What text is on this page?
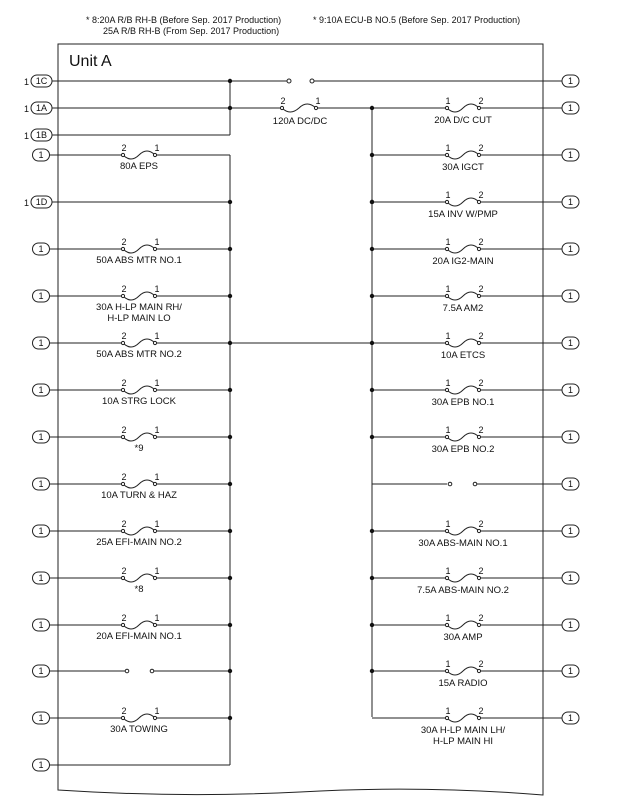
* 8:20A R/B RH-B (Before Sep. 2017 Production)
25A R/B RH-B (From Sep. 2017 Production)
* 9:10A ECU-B NO.5 (Before Sep. 2017 Production)
Unit A
1 1C
1 1A
1 1B
1 1D
2	1
120A DC/DC
1
1
1
2	1
80A EPS
1
2	1
50A ABS MTR NO.1
1
2	1
30A H-LP MAIN RH/
H-LP MAIN LO
1
2	1
50A ABS MTR NO.2
1
2	1
10A STRG LOCK
1
2	1
*9
1
2	1
10A TURN & HAZ
1
2	1
25A EFI-MAIN NO.2
1
2	1
*8
1
2	1
20A EFI-MAIN NO.1
1
1
2	1
30A TOWING
1
1	2
20A D/C CUT
1
1	2
30A IGCT
1
1	2
15A INV W/PMP
1
1	2
20A IG2-MAIN
1
1	2
7.5A AM2
1
1	2
10A ETCS
1
1	2
30A EPB NO.1
1
1	2
30A EPB NO.2
1
1
1	2
30A ABS-MAIN NO.1
1
1	2
7.5A ABS-MAIN NO.2
1
1	2
30A AMP
1
1	2
15A RADIO
1
1	2
30A H-LP MAIN LH/
H-LP MAIN HI
